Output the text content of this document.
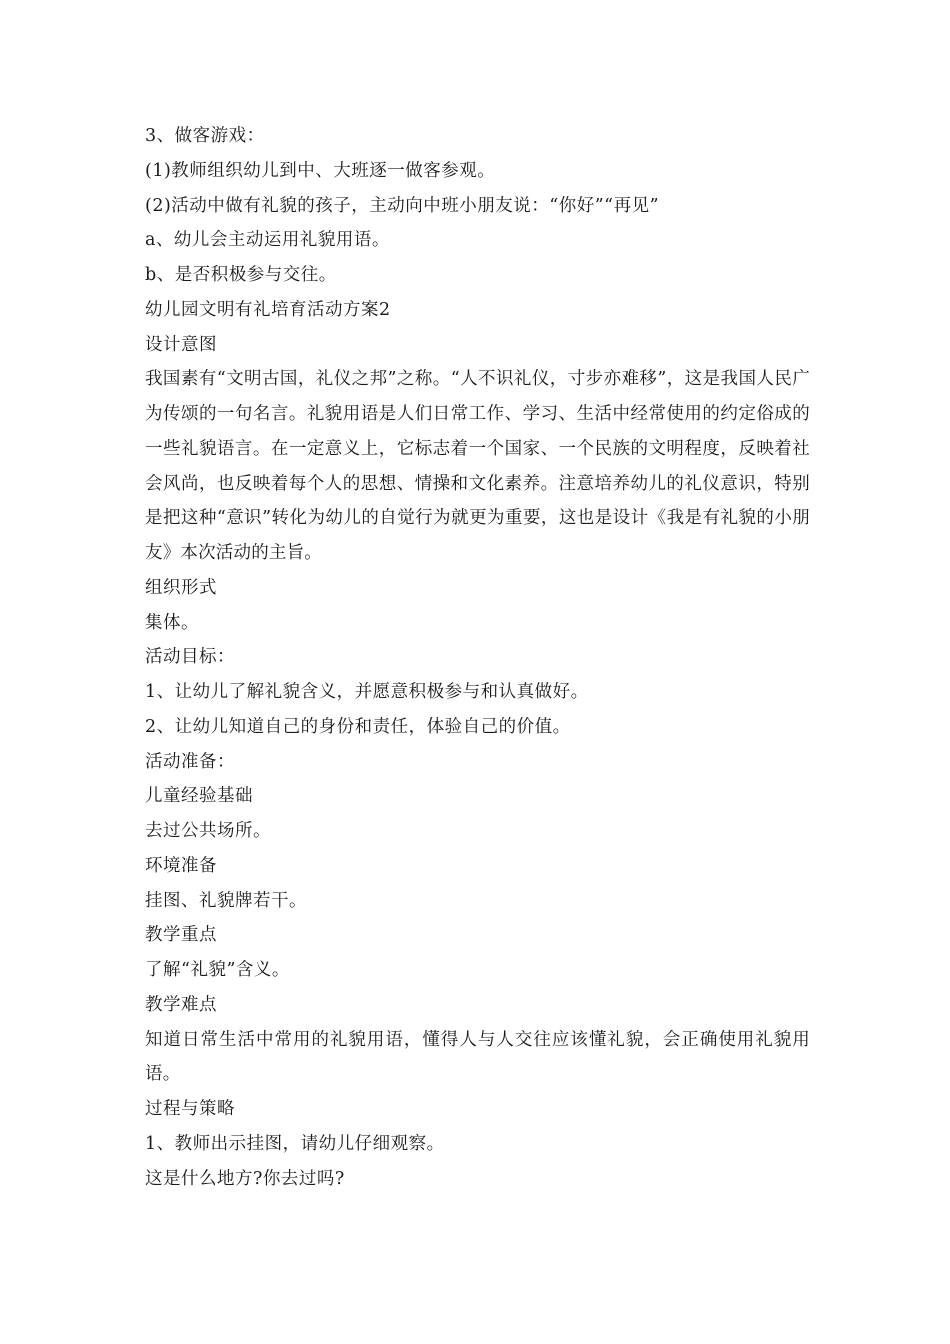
3、做客游戏：
(1)教师组织幼儿到中、大班逐一做客参观。
(2)活动中做有礼貌的孩子，主动向中班小朋友说：“你好”“再见”
a、幼儿会主动运用礼貌用语。
b、是否积极参与交往。
幼儿园文明有礼培育活动方案2
设计意图
我国素有“文明古国，礼仪之邦”之称。“人不识礼仪，寸步亦难移”，这是我国人民广为传颂的一句名言。礼貌用语是人们日常工作、学习、生活中经常使用的约定俗成的一些礼貌语言。在一定意义上，它标志着一个国家、一个民族的文明程度，反映着社会风尚，也反映着每个人的思想、情操和文化素养。注意培养幼儿的礼仪意识，特别是把这种“意识”转化为幼儿的自觉行为就更为重要，这也是设计《我是有礼貌的小朋友》本次活动的主旨。
组织形式
集体。
活动目标：
1、让幼儿了解礼貌含义，并愿意积极参与和认真做好。
2、让幼儿知道自己的身份和责任，体验自己的价值。
活动准备：
儿童经验基础
去过公共场所。
环境准备
挂图、礼貌牌若干。
教学重点
了解“礼貌”含义。
教学难点
知道日常生活中常用的礼貌用语，懂得人与人交往应该懂礼貌，会正确使用礼貌用语。
过程与策略
1、教师出示挂图，请幼儿仔细观察。
这是什么地方?你去过吗?
